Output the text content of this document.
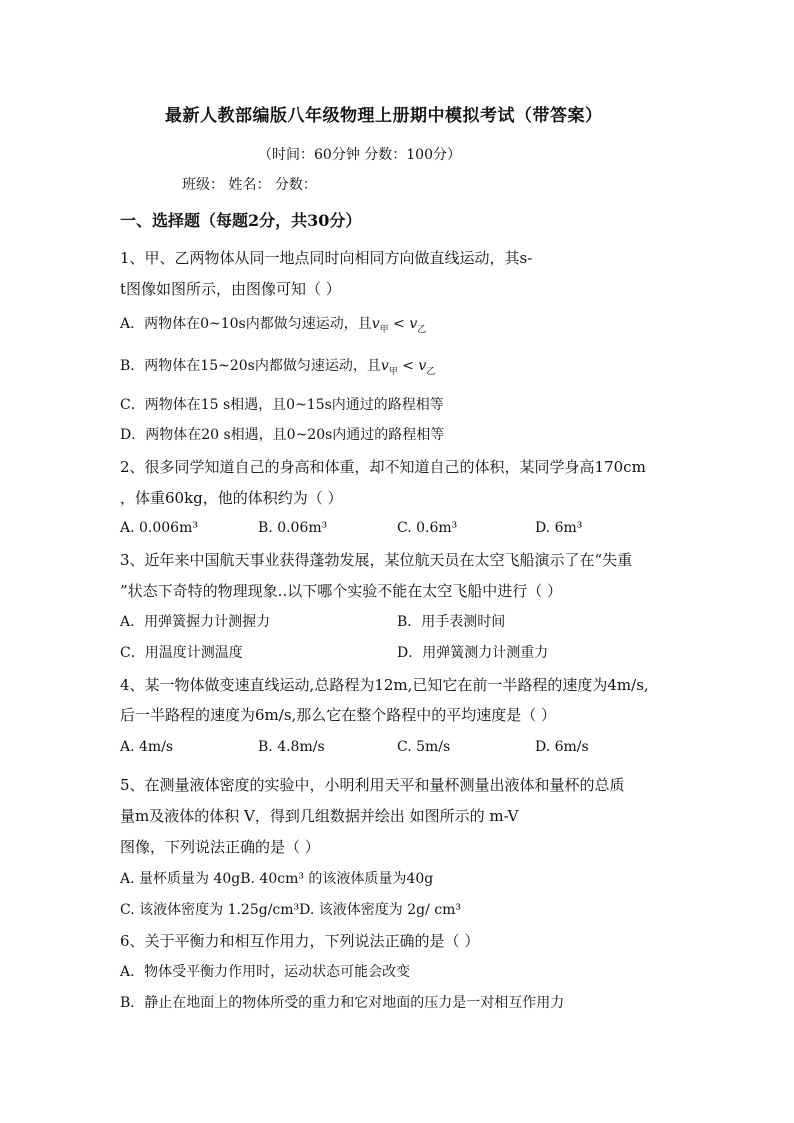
最新人教部编版八年级物理上册期中模拟考试（带答案）
（时间：60分钟 分数：100分）
班级： 姓名： 分数：
一、选择题（每题2分，共30分）
1、甲、乙两物体从同一地点同时向相同方向做直线运动，其s-
t图像如图所示，由图像可知（ ）
A．两物体在0~10s内都做匀速运动，且$v_甲 < v_乙$
B．两物体在15~20s内都做匀速运动，且$v_甲 < v_乙$
C．两物体在15 s相遇，且0~15s内通过的路程相等
D．两物体在20 s相遇，且0~20s内通过的路程相等
2、很多同学知道自己的身高和体重，却不知道自己的体积，某同学身高170cm
，体重60kg，他的体积约为（ ）
A. 0.006m³	B. 0.06m³	C. 0.6m³	D. 6m³
3、近年来中国航天事业获得蓬勃发展，某位航天员在太空飞船演示了在“失重
”状态下奇特的物理现象..以下哪个实验不能在太空飞船中进行（ ）
A．用弹簧握力计测握力	B．用手表测时间
C．用温度计测温度	D．用弹簧测力计测重力
4、某一物体做变速直线运动,总路程为12m,已知它在前一半路程的速度为4m/s,
后一半路程的速度为6m/s,那么它在整个路程中的平均速度是（ ）
A. 4m/s	B. 4.8m/s	C. 5m/s	D. 6m/s
5、在测量液体密度的实验中，小明利用天平和量杯测量出液体和量杯的总质
量m及液体的体积 V，得到几组数据并绘出 如图所示的 m-V
图像，下列说法正确的是（ ）
A. 量杯质量为 40gB. 40cm³ 的该液体质量为40g
C. 该液体密度为 1.25g/cm³D. 该液体密度为 2g/ cm³
6、关于平衡力和相互作用力，下列说法正确的是（ ）
A．物体受平衡力作用时，运动状态可能会改变
B．静止在地面上的物体所受的重力和它对地面的压力是一对相互作用力
